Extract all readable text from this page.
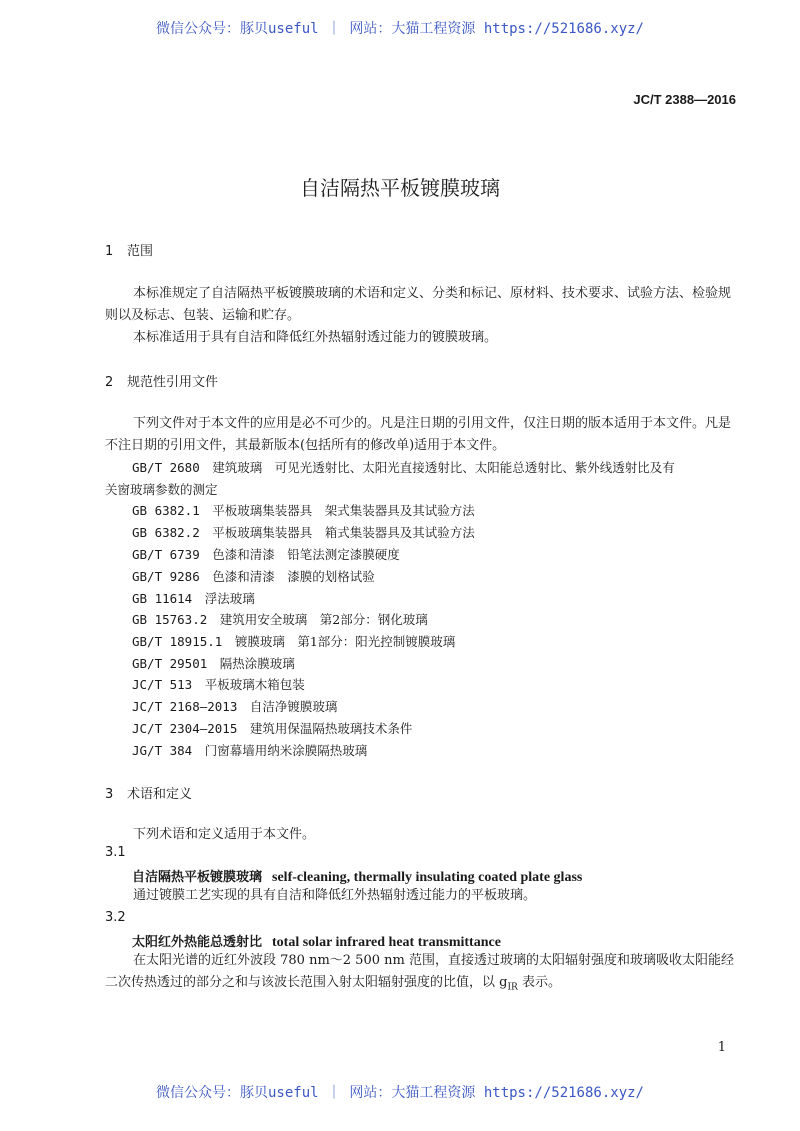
微信公众号：豚贝useful ｜ 网站：大猫工程资源 https://521686.xyz/
JC/T 2388—2016
自洁隔热平板镀膜玻璃
1 范围
本标准规定了自洁隔热平板镀膜玻璃的术语和定义、分类和标记、原材料、技术要求、试验方法、检验规则以及标志、包装、运输和贮存。
本标准适用于具有自洁和降低红外热辐射透过能力的镀膜玻璃。
2 规范性引用文件
下列文件对于本文件的应用是必不可少的。凡是注日期的引用文件，仅注日期的版本适用于本文件。凡是不注日期的引用文件，其最新版本(包括所有的修改单)适用于本文件。
GB/T 2680　 建筑玻璃　可见光透射比、太阳光直接透射比、太阳能总透射比、紫外线透射比及有
关窗玻璃参数的测定
GB 6382.1　 平板玻璃集装器具　架式集装器具及其试验方法
GB 6382.2　 平板玻璃集装器具　箱式集装器具及其试验方法
GB/T 6739　 色漆和清漆　铅笔法测定漆膜硬度
GB/T 9286　 色漆和清漆　漆膜的划格试验
GB 11614　 浮法玻璃
GB 15763.2　 建筑用安全玻璃　第2部分：钢化玻璃
GB/T 18915.1　 镀膜玻璃　第1部分：阳光控制镀膜玻璃
GB/T 29501　 隔热涂膜玻璃
JC/T 513　 平板玻璃木箱包装
JC/T 2168—2013　 自洁净镀膜玻璃
JC/T 2304—2015　 建筑用保温隔热玻璃技术条件
JG/T 384　 门窗幕墙用纳米涂膜隔热玻璃
3 术语和定义
下列术语和定义适用于本文件。
3.1
自洁隔热平板镀膜玻璃 self-cleaning, thermally insulating coated plate glass
通过镀膜工艺实现的具有自洁和降低红外热辐射透过能力的平板玻璃。
3.2
太阳红外热能总透射比 total solar infrared heat transmittance
在太阳光谱的近红外波段 780 nm～2 500 nm 范围，直接透过玻璃的太阳辐射强度和玻璃吸收太阳能经二次传热透过的部分之和与该波长范围入射太阳辐射强度的比值，以 $g_{IR}$ 表示。
1
微信公众号：豚贝useful ｜ 网站：大猫工程资源 https://521686.xyz/
